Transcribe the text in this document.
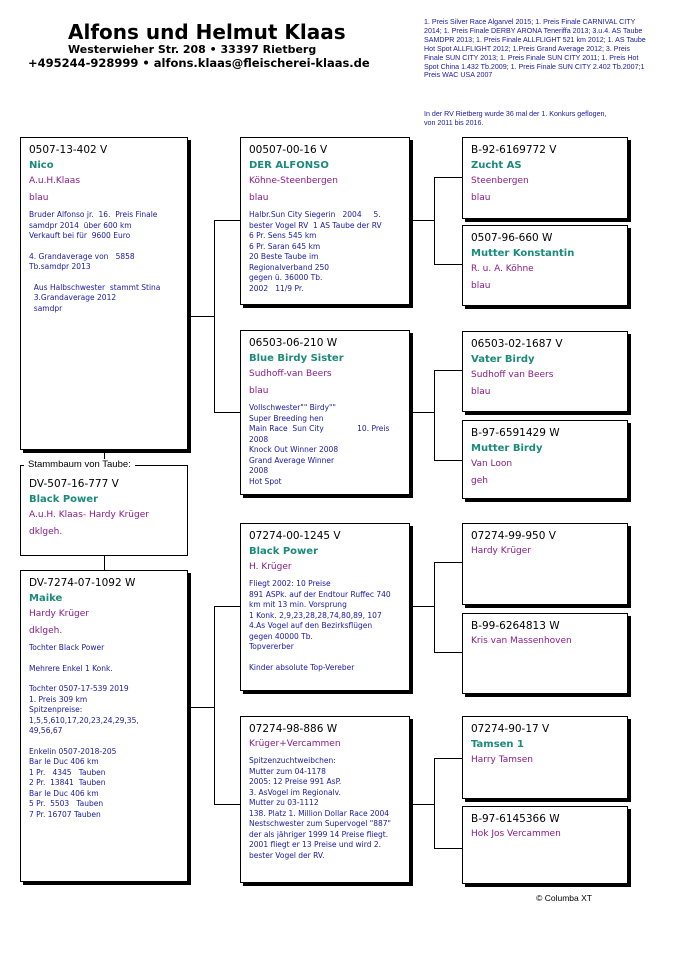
Alfons und Helmut Klaas
Westerwieher Str. 208 • 33397 Rietberg
+495244-928999 • alfons.klaas@fleischerei-klaas.de
1. Preis Silver Race Algarvel 2015; 1. Preis Finale CARNIVAL CITY 2014; 1. Preis Finale DERBY ARONA Teneriffa 2013; 3.u.4. AS Taube SAMDPR 2013; 1. Preis Finale ALLFLIGHT 521 km 2012; 1. AS Taube Hot Spot ALLFLIGHT 2012; 1.Preis Grand Average 2012; 3. Preis Finale SUN CITY 2013; 1. Preis Finale SUN CITY 2011; 1. Preis Hot Spot China 1.432 Tb.2009; 1. Preis Finale SUN CITY 2.402 Tb.2007;1 Preis WAC USA 2007
In der RV Rietberg wurde 36 mal der 1. Konkurs geflogen, von 2011 bis 2016.
0507-13-402 V
Nico
A.u.H.Klaas
blau
Bruder Alfonso jr.  16.  Preis Finale
samdpr 2014  über 600 km
Verkauft bei für  9600 Euro
4. Grandaverage von   5858
Tb.samdpr 2013
Aus Halbschwester  stammt Stina
3.Grandaverage 2012
samdpr
DV-507-16-777 V
Black Power
A.u.H. Klaas- Hardy Krüger
dklgeh.
Stammbaum von Taube:
DV-7274-07-1092 W
Maike
Hardy Krüger
dklgeh.
Tochter Black Power
Mehrere Enkel 1 Konk.
Tochter 0507-17-539 2019
1. Preis 309 km
Spitzenpreise:
1,5,5,610,17,20,23,24,29,35,
49,56,67
Enkelin 0507-2018-205
Bar le Duc 406 km
1 Pr.   4345   Tauben
2 Pr.  13841  Tauben
Bar le Duc 406 km
5 Pr.  5503   Tauben
7 Pr. 16707 Tauben
00507-00-16 V
DER ALFONSO
Köhne-Steenbergen
blau
Halbr.Sun City Siegerin   2004     5.
bester Vogel RV  1 AS Taube der RV
6 Pr. Sens 545 km
6 Pr. Saran 645 km
20 Beste Taube im
Regionalverband 250
gegen ü. 36000 Tb.
2002   11/9 Pr.
06503-06-210 W
Blue Birdy Sister
Sudhoff-van Beers
blau
Vollschwester"" Birdy""
Super Breeding hen
Main Race  Sun City              10. Preis
2008
Knock Out Winner 2008
Grand Average Winner
2008
Hot Spot
07274-00-1245 V
Black Power
H. Krüger
Fliegt 2002: 10 Preise
891 ASPk. auf der Endtour Ruffec 740
km mit 13 min. Vorsprung
1 Konk. 2,9,23,28,28,74,80,89, 107
4.As Vogel auf den Bezirksflügen
gegen 40000 Tb.
Topvererber
Kinder absolute Top-Vereber
07274-98-886 W
Krüger+Vercammen
Spitzenzuchtweibchen:
Mutter zum 04-1178
2005: 12 Preise 991 AsP.
3. AsVogel im Regionalv.
Mutter zu 03-1112
138. Platz 1. Million Dollar Race 2004
Nestschwester zum Supervogel "887"
der als jähriger 1999 14 Preise fliegt.
2001 fliegt er 13 Preise und wird 2.
bester Vogel der RV.
B-92-6169772 V
Zucht AS
Steenbergen
blau
0507-96-660 W
Mutter Konstantin
R. u. A. Köhne
blau
06503-02-1687 V
Vater Birdy
Sudhoff van Beers
blau
B-97-6591429 W
Mutter Birdy
Van Loon
geh
07274-99-950 V
Hardy Krüger
B-99-6264813 W
Kris van Massenhoven
07274-90-17 V
Tamsen 1
Harry Tamsen
B-97-6145366 W
Hok Jos Vercammen
© Columba XT
